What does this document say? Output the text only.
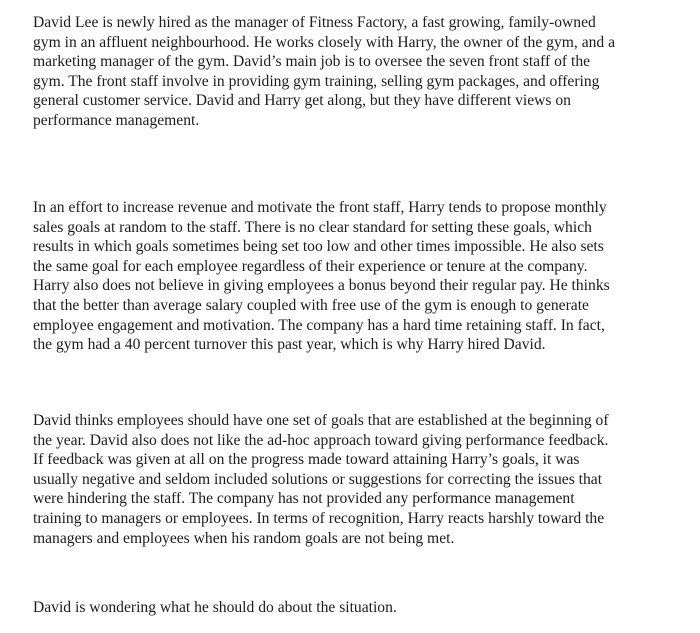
David Lee is newly hired as the manager of Fitness Factory, a fast growing, family-owned
gym in an affluent neighbourhood. He works closely with Harry, the owner of the gym, and a
marketing manager of the gym. David’s main job is to oversee the seven front staff of the
gym. The front staff involve in providing gym training, selling gym packages, and offering
general customer service. David and Harry get along, but they have different views on
performance management.

In an effort to increase revenue and motivate the front staff, Harry tends to propose monthly
sales goals at random to the staff. There is no clear standard for setting these goals, which
results in which goals sometimes being set too low and other times impossible. He also sets
the same goal for each employee regardless of their experience or tenure at the company.
Harry also does not believe in giving employees a bonus beyond their regular pay. He thinks
that the better than average salary coupled with free use of the gym is enough to generate
employee engagement and motivation. The company has a hard time retaining staff. In fact,
the gym had a 40 percent turnover this past year, which is why Harry hired David.

David thinks employees should have one set of goals that are established at the beginning of
the year. David also does not like the ad-hoc approach toward giving performance feedback.
If feedback was given at all on the progress made toward attaining Harry’s goals, it was
usually negative and seldom included solutions or suggestions for correcting the issues that
were hindering the staff. The company has not provided any performance management
training to managers or employees. In terms of recognition, Harry reacts harshly toward the
managers and employees when his random goals are not being met.

David is wondering what he should do about the situation.
